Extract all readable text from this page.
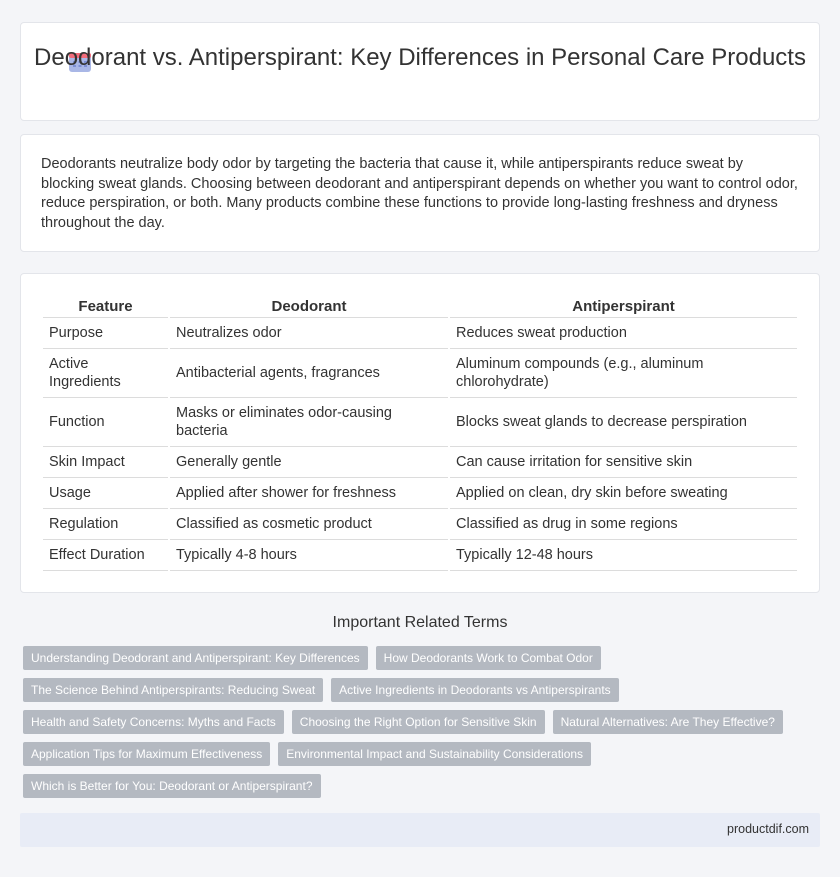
Deodorant vs. Antiperspirant: Key Differences in Personal Care Products

Deodorants neutralize body odor by targeting the bacteria that cause it, while antiperspirants reduce sweat by blocking sweat glands. Choosing between deodorant and antiperspirant depends on whether you want to control odor, reduce perspiration, or both. Many products combine these functions to provide long-lasting freshness and dryness throughout the day.

Feature	Deodorant	Antiperspirant
Purpose	Neutralizes odor	Reduces sweat production
Active Ingredients	Antibacterial agents, fragrances	Aluminum compounds (e.g., aluminum chlorohydrate)
Function	Masks or eliminates odor-causing bacteria	Blocks sweat glands to decrease perspiration
Skin Impact	Generally gentle	Can cause irritation for sensitive skin
Usage	Applied after shower for freshness	Applied on clean, dry skin before sweating
Regulation	Classified as cosmetic product	Classified as drug in some regions
Effect Duration	Typically 4-8 hours	Typically 12-48 hours
Important Related Terms
Understanding Deodorant and Antiperspirant: Key Differences	How Deodorants Work to Combat Odor
The Science Behind Antiperspirants: Reducing Sweat	Active Ingredients in Deodorants vs Antiperspirants
Health and Safety Concerns: Myths and Facts	Choosing the Right Option for Sensitive Skin	Natural Alternatives: Are They Effective?
Application Tips for Maximum Effectiveness	Environmental Impact and Sustainability Considerations
Which is Better for You: Deodorant or Antiperspirant?
productdif.com
